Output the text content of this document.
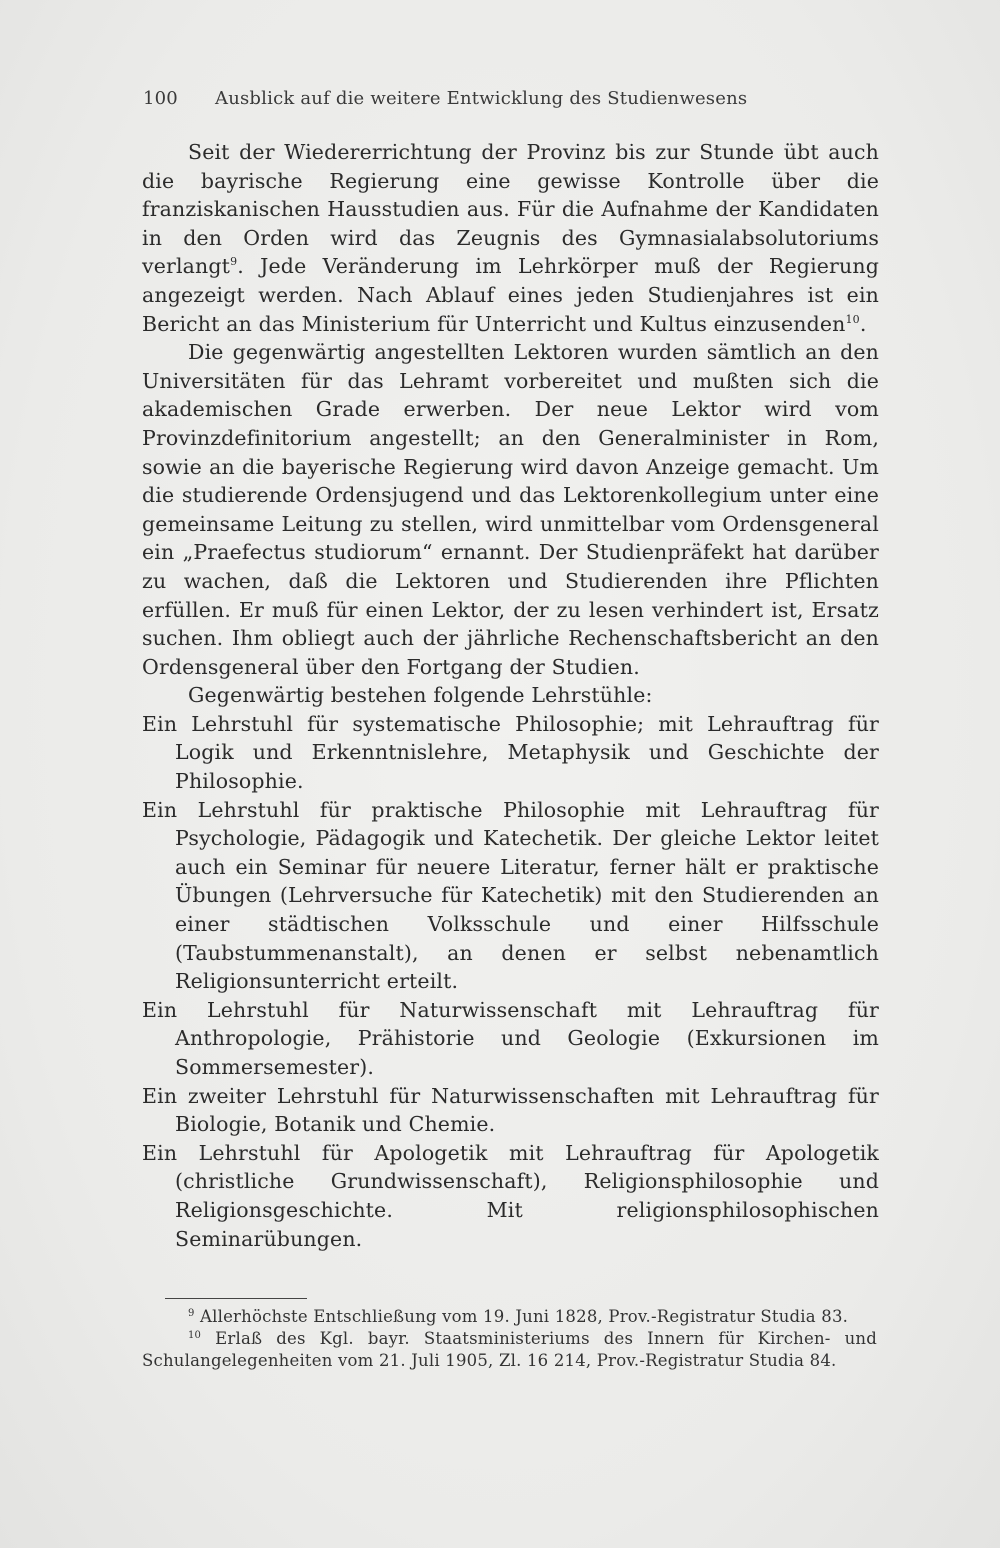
100 Ausblick auf die weitere Entwicklung des Studienwesens

Seit der Wiedererrichtung der Provinz bis zur Stunde übt auch die bayrische Regierung eine gewisse Kontrolle über die franziskanischen Hausstudien aus. Für die Aufnahme der Kandidaten in den Orden wird das Zeugnis des Gymnasialabsolutoriums verlangt$^9$. Jede Veränderung im Lehrkörper muß der Regierung angezeigt werden. Nach Ablauf eines jeden Studienjahres ist ein Bericht an das Ministerium für Unterricht und Kultus einzusenden$^{10}$.

Die gegenwärtig angestellten Lektoren wurden sämtlich an den Universitäten für das Lehramt vorbereitet und mußten sich die akademischen Grade erwerben. Der neue Lektor wird vom Provinzdefinitorium angestellt; an den Generalminister in Rom, sowie an die bayerische Regierung wird davon Anzeige gemacht. Um die studierende Ordensjugend und das Lektorenkollegium unter eine gemeinsame Leitung zu stellen, wird unmittelbar vom Ordensgeneral ein „Praefectus studiorum“ ernannt. Der Studienpräfekt hat darüber zu wachen, daß die Lektoren und Studierenden ihre Pflichten erfüllen. Er muß für einen Lektor, der zu lesen verhindert ist, Ersatz suchen. Ihm obliegt auch der jährliche Rechenschaftsbericht an den Ordensgeneral über den Fortgang der Studien.

Gegenwärtig bestehen folgende Lehrstühle:

Ein Lehrstuhl für systematische Philosophie; mit Lehrauftrag für Logik und Erkenntnislehre, Metaphysik und Geschichte der Philosophie.

Ein Lehrstuhl für praktische Philosophie mit Lehrauftrag für Psychologie, Pädagogik und Katechetik. Der gleiche Lektor leitet auch ein Seminar für neuere Literatur, ferner hält er praktische Übungen (Lehrversuche für Katechetik) mit den Studierenden an einer städtischen Volksschule und einer Hilfsschule (Taubstummenanstalt), an denen er selbst nebenamtlich Religionsunterricht erteilt.

Ein Lehrstuhl für Naturwissenschaft mit Lehrauftrag für Anthropologie, Prähistorie und Geologie (Exkursionen im Sommersemester).

Ein zweiter Lehrstuhl für Naturwissenschaften mit Lehrauftrag für Biologie, Botanik und Chemie.

Ein Lehrstuhl für Apologetik mit Lehrauftrag für Apologetik (christliche Grundwissenschaft), Religionsphilosophie und Religionsgeschichte. Mit religionsphilosophischen Seminarübungen.

$^9$ Allerhöchste Entschließung vom 19. Juni 1828, Prov.-Registratur Studia 83.

$^{10}$ Erlaß des Kgl. bayr. Staatsministeriums des Innern für Kirchen- und Schulangelegenheiten vom 21. Juli 1905, Zl. 16 214, Prov.-Registratur Studia 84.
